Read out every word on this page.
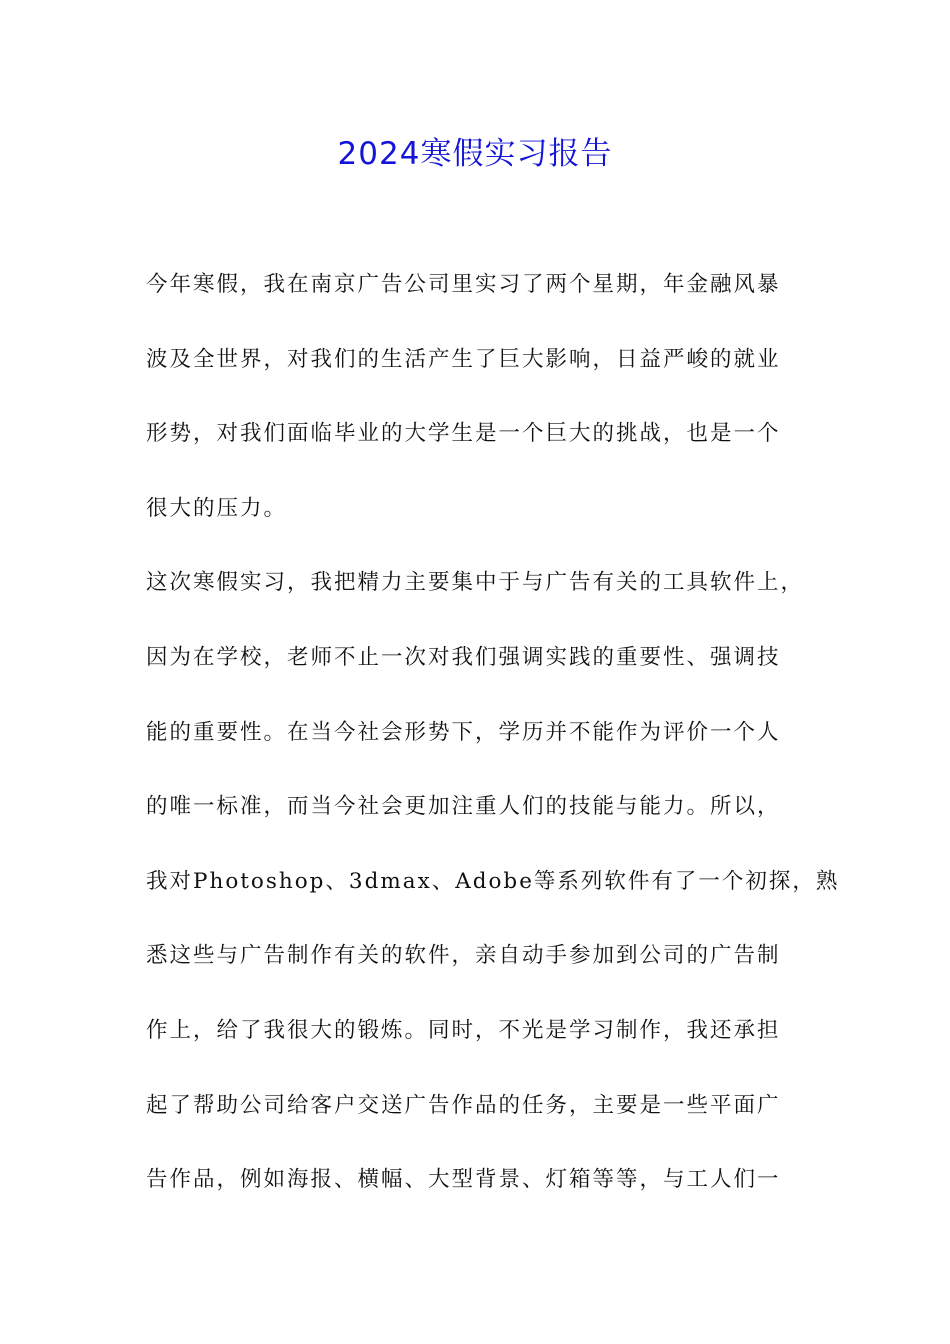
2024寒假实习报告
今年寒假，我在南京广告公司里实习了两个星期，年金融风暴
波及全世界，对我们的生活产生了巨大影响，日益严峻的就业
形势，对我们面临毕业的大学生是一个巨大的挑战，也是一个
很大的压力。
这次寒假实习，我把精力主要集中于与广告有关的工具软件上，
因为在学校，老师不止一次对我们强调实践的重要性、强调技
能的重要性。在当今社会形势下，学历并不能作为评价一个人
的唯一标准，而当今社会更加注重人们的技能与能力。所以，
我对Photoshop、3dmax、Adobe等系列软件有了一个初探，熟
悉这些与广告制作有关的软件，亲自动手参加到公司的广告制
作上，给了我很大的锻炼。同时，不光是学习制作，我还承担
起了帮助公司给客户交送广告作品的任务，主要是一些平面广
告作品，例如海报、横幅、大型背景、灯箱等等，与工人们一
